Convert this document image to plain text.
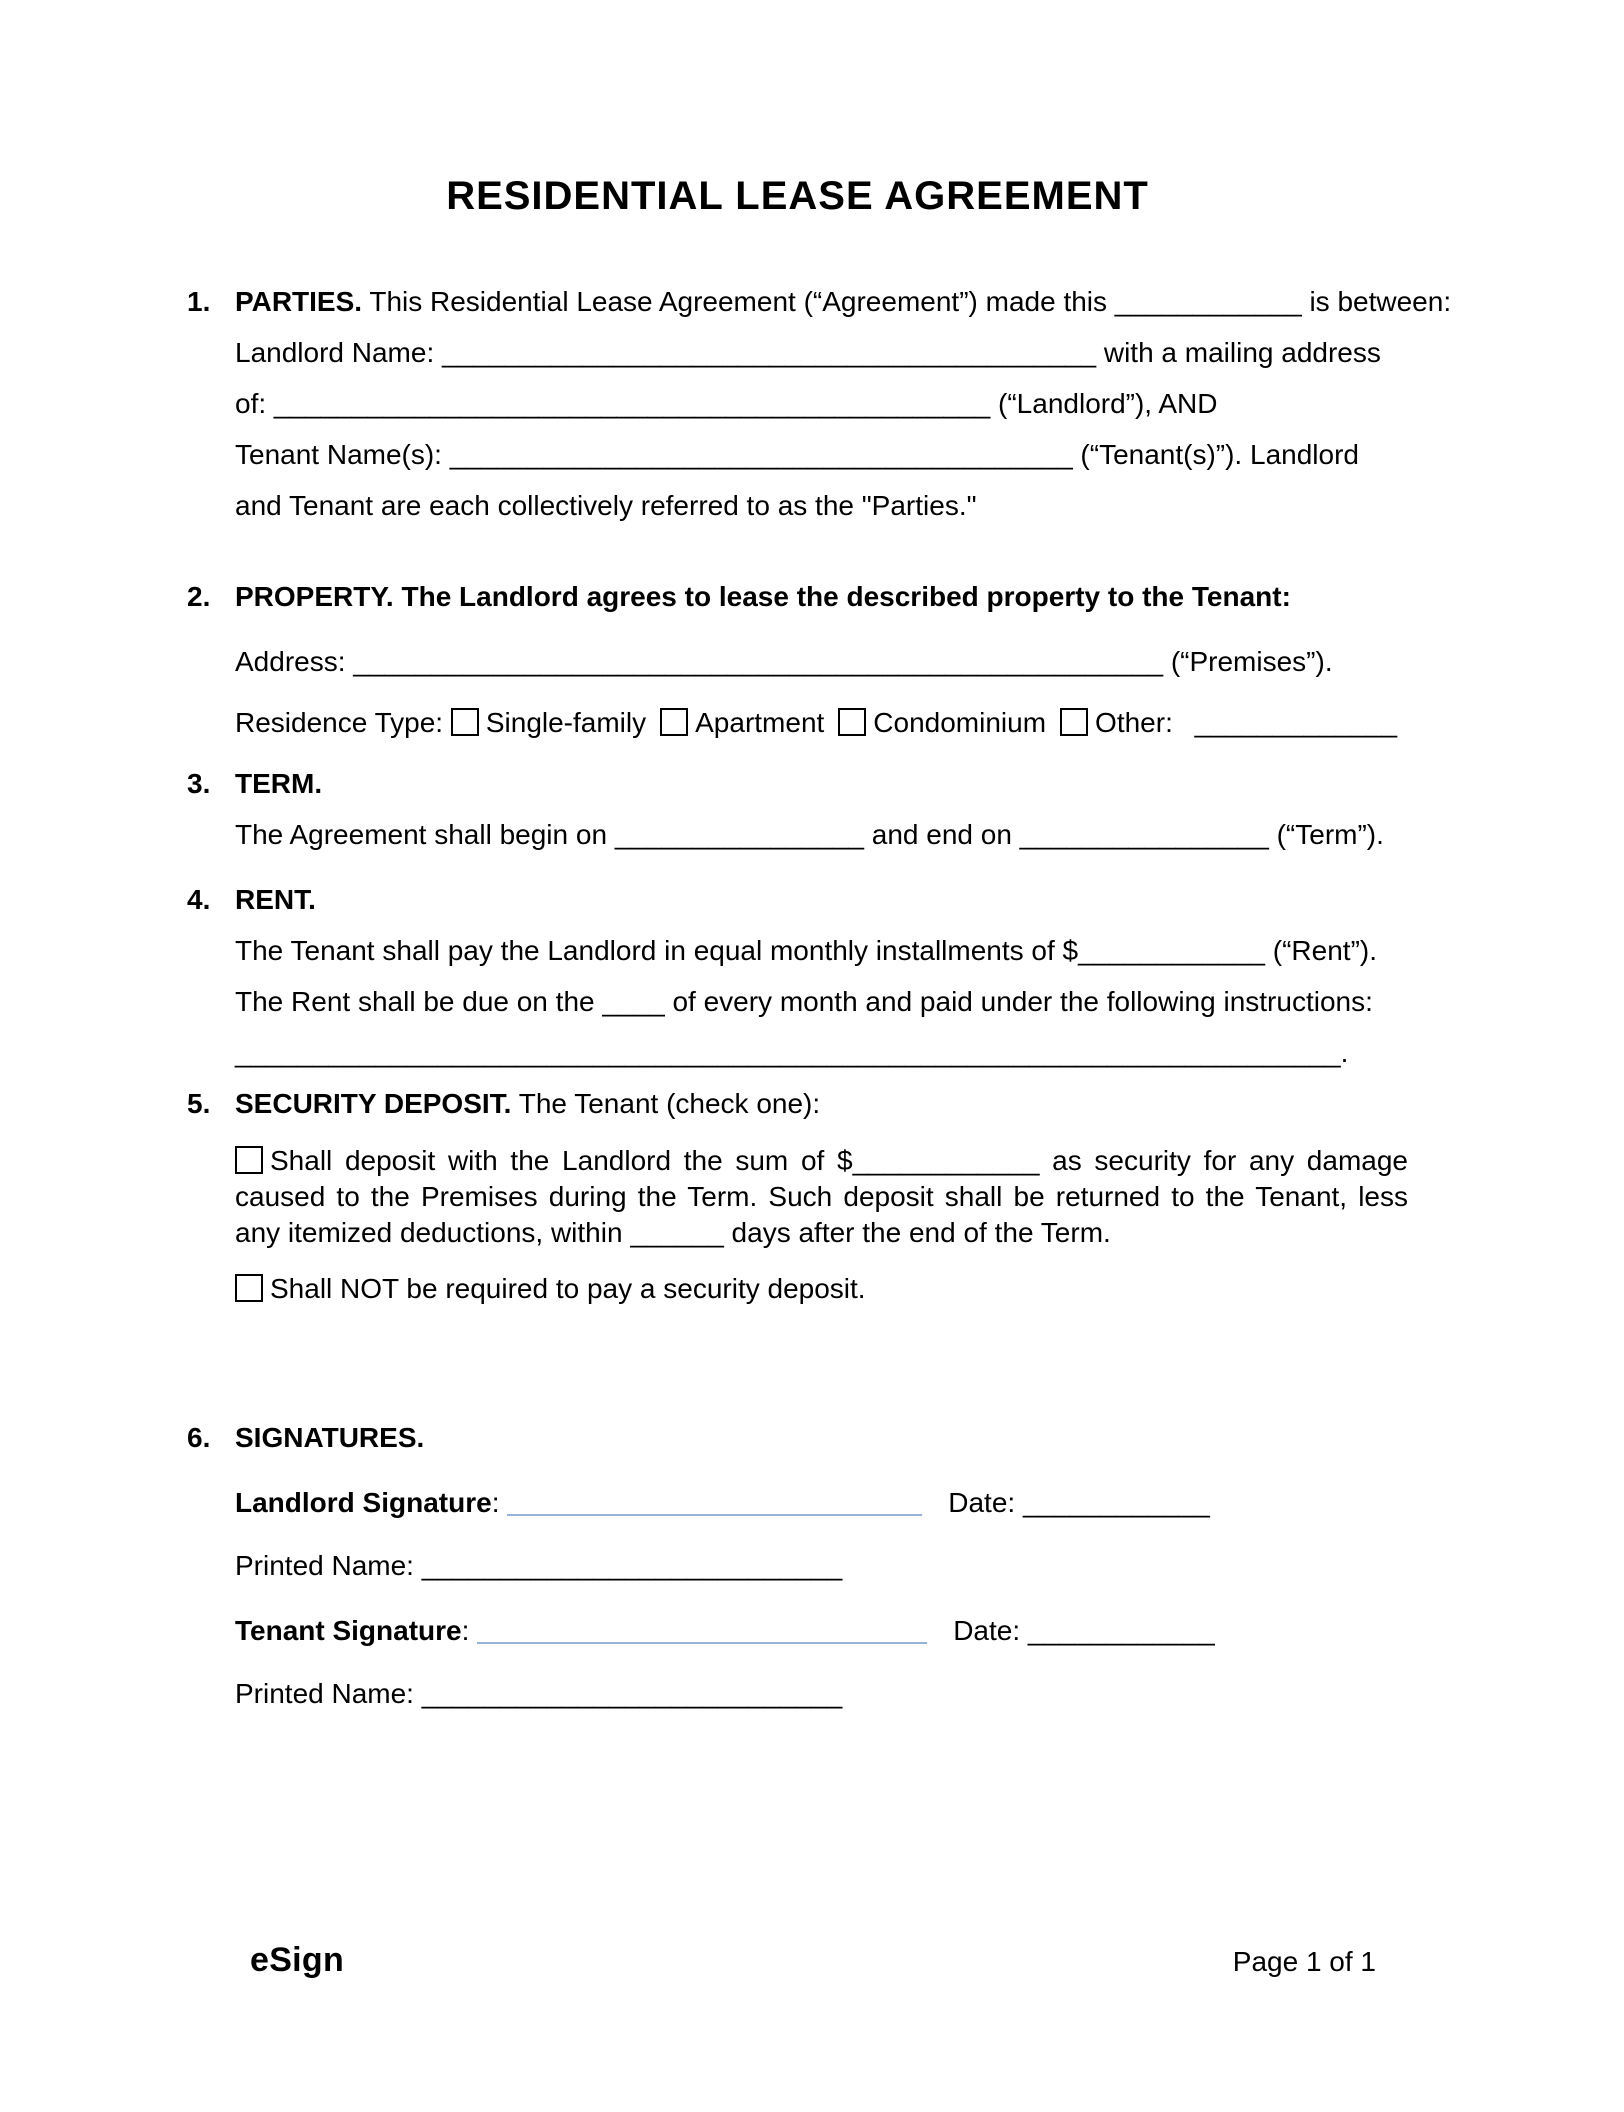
RESIDENTIAL LEASE AGREEMENT
1. PARTIES. This Residential Lease Agreement (“Agreement”) made this ____________ is between:
Landlord Name: __________________________________________ with a mailing address
of: ______________________________________________ (“Landlord”), AND
Tenant Name(s): ________________________________________ (“Tenant(s)”). Landlord
and Tenant are each collectively referred to as the "Parties."
2. PROPERTY. The Landlord agrees to lease the described property to the Tenant:
Address: ____________________________________________________ (“Premises”).
Residence Type: Single-family Apartment Condominium Other: _____________
3. TERM.
The Agreement shall begin on ________________ and end on ________________ (“Term”).
4. RENT.
The Tenant shall pay the Landlord in equal monthly installments of $____________ (“Rent”). The Rent shall be due on the ____ of every month and paid under the following instructions:
_______________________________________________________________________.
5. SECURITY DEPOSIT. The Tenant (check one):
Shall deposit with the Landlord the sum of $____________ as security for any damage caused to the Premises during the Term. Such deposit shall be returned to the Tenant, less any itemized deductions, within ______ days after the end of the Term.
Shall NOT be required to pay a security deposit.
6. SIGNATURES.
Landlord Signature:	Date: ____________
Printed Name: ___________________________
Tenant Signature:	Date: ____________
Printed Name: ___________________________
eSign	Page 1 of 1
